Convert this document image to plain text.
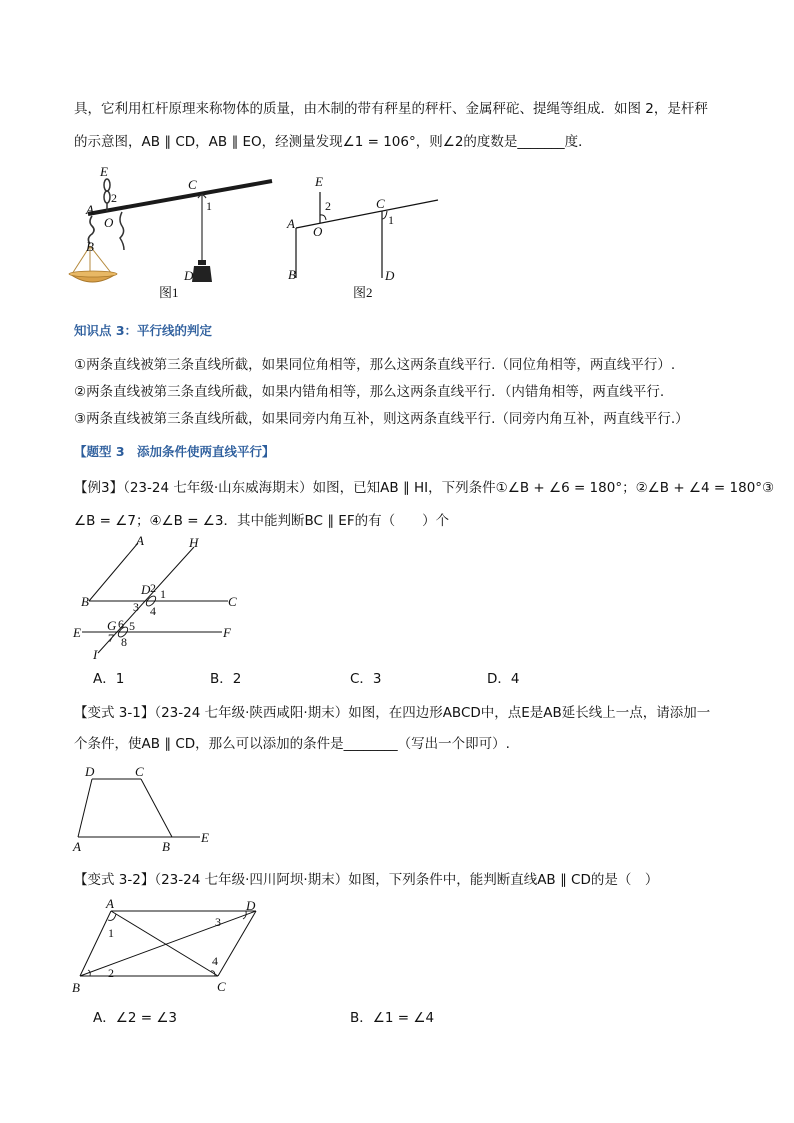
具，它利用杠杆原理来称物体的质量，由木制的带有秤星的秤杆、金属秤砣、提绳等组成．如图 2，是杆秤
的示意图，AB ∥ CD，AB ∥ EO，经测量发现∠1 = 106°，则∠2的度数是_______度．
E
2
A
O
B
C
1
D
图1
E
2
A
O
C
1
B	D
图2
知识点 3：平行线的判定
①两条直线被第三条直线所截，如果同位角相等，那么这两条直线平行.（同位角相等，两直线平行）.
②两条直线被第三条直线所截，如果内错角相等，那么这两条直线平行．（内错角相等，两直线平行.
③两条直线被第三条直线所截，如果同旁内角互补，则这两条直线平行.（同旁内角互补，两直线平行.）
【题型 3　添加条件使两直线平行】
【例3】（23-24 七年级·山东威海期末）如图，已知AB ∥ HI，下列条件①∠B + ∠6 = 180°；②∠B + ∠4 = 180°③
∠B = ∠7；④∠B = ∠3．其中能判断BC ∥ EF的有（　　）个
A	H
D 2 1
B	3 4
C
E G 6 5
7 8
F
I
A．1	B．2	C．3	D．4
【变式 3-1】（23-24 七年级·陕西咸阳·期末）如图，在四边形ABCD中，点E是AB延长线上一点，请添加一
个条件，使AB ∥ CD，那么可以添加的条件是________（写出一个即可）.
D	C
A	B
E
【变式 3-2】（23-24 七年级·四川阿坝·期末）如图，下列条件中，能判断直线AB ∥ CD的是（　）
A	D
1
3
4
2
B	C
A．∠2 = ∠3	B．∠1 = ∠4
